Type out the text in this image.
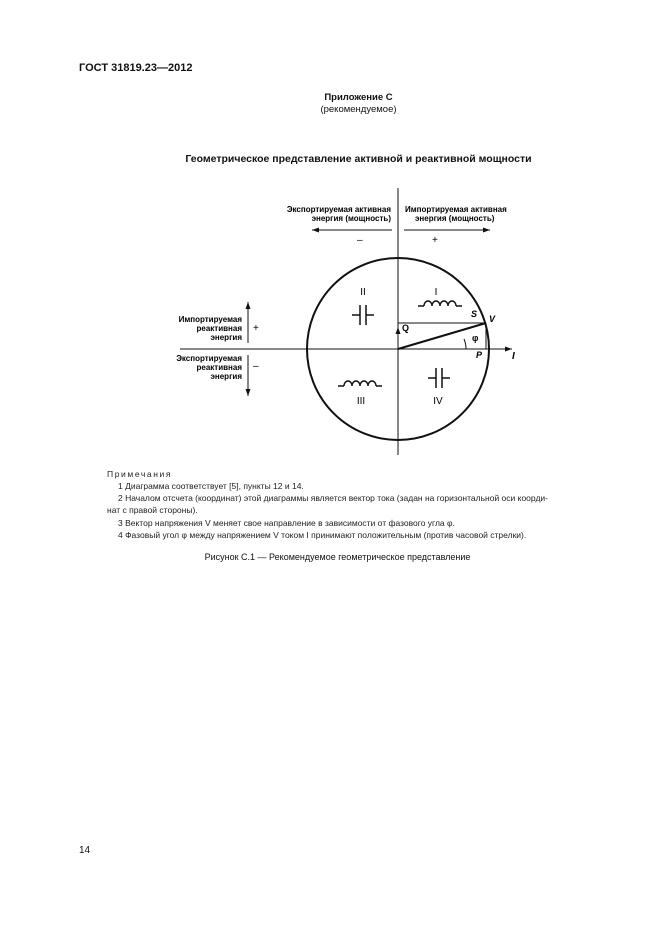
ГОСТ 31819.23—2012
Приложение С
(рекомендуемое)
Геометрическое представление активной и реактивной мощности
Экспортируемая активная
энергия (мощность)
Импортируемая активная
энергия (мощность)
–	+
Импортируемая
реактивная
энергия
+
Экспортируемая
реактивная
энергия
–
I
II
III	IV
S V
Q
φ
P	I
Примечания
1 Диаграмма соответствует [5], пункты 12 и 14.
2 Началом отсчета (координат) этой диаграммы является вектор тока (задан на горизонтальной оси коорди-
нат с правой стороны).
3 Вектор напряжения V меняет свое направление в зависимости от фазового угла φ.
4 Фазовый угол φ между напряжением V током I принимают положительным (против часовой стрелки).
Рисунок С.1 — Рекомендуемое геометрическое представление
14
